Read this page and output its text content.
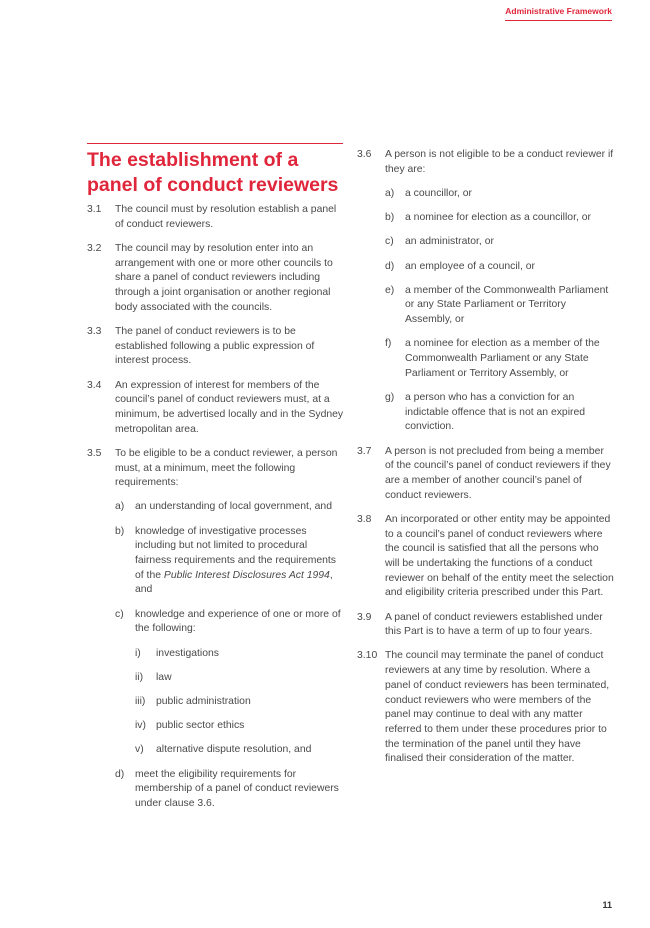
Administrative Framework
The establishment of a panel of conduct reviewers
3.1	The council must by resolution establish a panel of conduct reviewers.
3.2	The council may by resolution enter into an arrangement with one or more other councils to share a panel of conduct reviewers including through a joint organisation or another regional body associated with the councils.
3.3	The panel of conduct reviewers is to be established following a public expression of interest process.
3.4	An expression of interest for members of the council’s panel of conduct reviewers must, at a minimum, be advertised locally and in the Sydney metropolitan area.
3.5	To be eligible to be a conduct reviewer, a person must, at a minimum, meet the following requirements:
a)	an understanding of local government, and
b)	knowledge of investigative processes including but not limited to procedural fairness requirements and the requirements of the Public Interest Disclosures Act 1994, and
c)	knowledge and experience of one or more of the following:
i)	investigations
ii)	law
iii)	public administration
iv) public sector ethics
v)	alternative dispute resolution, and
d)	meet the eligibility requirements for membership of a panel of conduct reviewers under clause 3.6.
3.6	A person is not eligible to be a conduct reviewer if they are:
a)	a councillor, or
b)	a nominee for election as a councillor, or
c)	an administrator, or
d)	an employee of a council, or
e)	a member of the Commonwealth Parliament or any State Parliament or Territory Assembly, or
f)	a nominee for election as a member of the Commonwealth Parliament or any State Parliament or Territory Assembly, or
g)	a person who has a conviction for an indictable offence that is not an expired conviction.
3.7	A person is not precluded from being a member of the council’s panel of conduct reviewers if they are a member of another council’s panel of conduct reviewers.
3.8	An incorporated or other entity may be appointed to a council’s panel of conduct reviewers where the council is satisfied that all the persons who will be undertaking the functions of a conduct reviewer on behalf of the entity meet the selection and eligibility criteria prescribed under this Part.
3.9	A panel of conduct reviewers established under this Part is to have a term of up to four years.
3.10 The council may terminate the panel of conduct reviewers at any time by resolution. Where a panel of conduct reviewers has been terminated, conduct reviewers who were members of the panel may continue to deal with any matter referred to them under these procedures prior to the termination of the panel until they have finalised their consideration of the matter.
11
